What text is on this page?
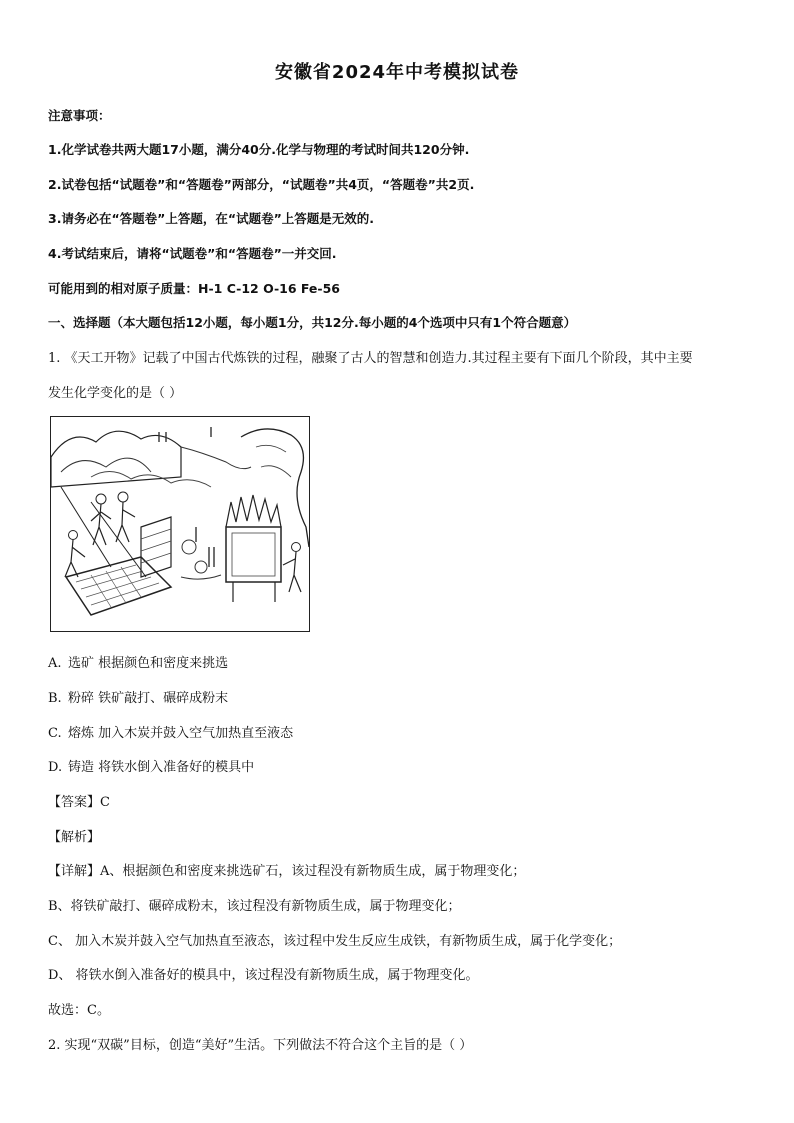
安徽省2024年中考模拟试卷
注意事项：
1.化学试卷共两大题17小题，满分40分.化学与物理的考试时间共120分钟.
2.试卷包括“试题卷”和“答题卷”两部分，“试题卷”共4页，“答题卷”共2页.
3.请务必在“答题卷”上答题，在“试题卷”上答题是无效的.
4.考试结束后，请将“试题卷”和“答题卷”一并交回.
可能用到的相对原子质量：H-1 C-12 O-16 Fe-56
一、选择题（本大题包括12小题，每小题1分，共12分.每小题的4个选项中只有1个符合题意）
1. 《天工开物》记载了中国古代炼铁的过程，融聚了古人的智慧和创造力.其过程主要有下面几个阶段，其中主要
发生化学变化的是（ ）
A. 选矿 根据颜色和密度来挑选
B. 粉碎 铁矿敲打、碾碎成粉末
C. 熔炼 加入木炭并鼓入空气加热直至液态
D. 铸造 将铁水倒入准备好的模具中
【答案】C
【解析】
【详解】A、根据颜色和密度来挑选矿石，该过程没有新物质生成，属于物理变化；
B、将铁矿敲打、碾碎成粉末，该过程没有新物质生成，属于物理变化；
C、 加入木炭并鼓入空气加热直至液态，该过程中发生反应生成铁，有新物质生成，属于化学变化；
D、 将铁水倒入准备好的模具中，该过程没有新物质生成，属于物理变化。
故选：C。
2. 实现“双碳”目标，创造“美好”生活。下列做法不符合这个主旨的是（ ）
